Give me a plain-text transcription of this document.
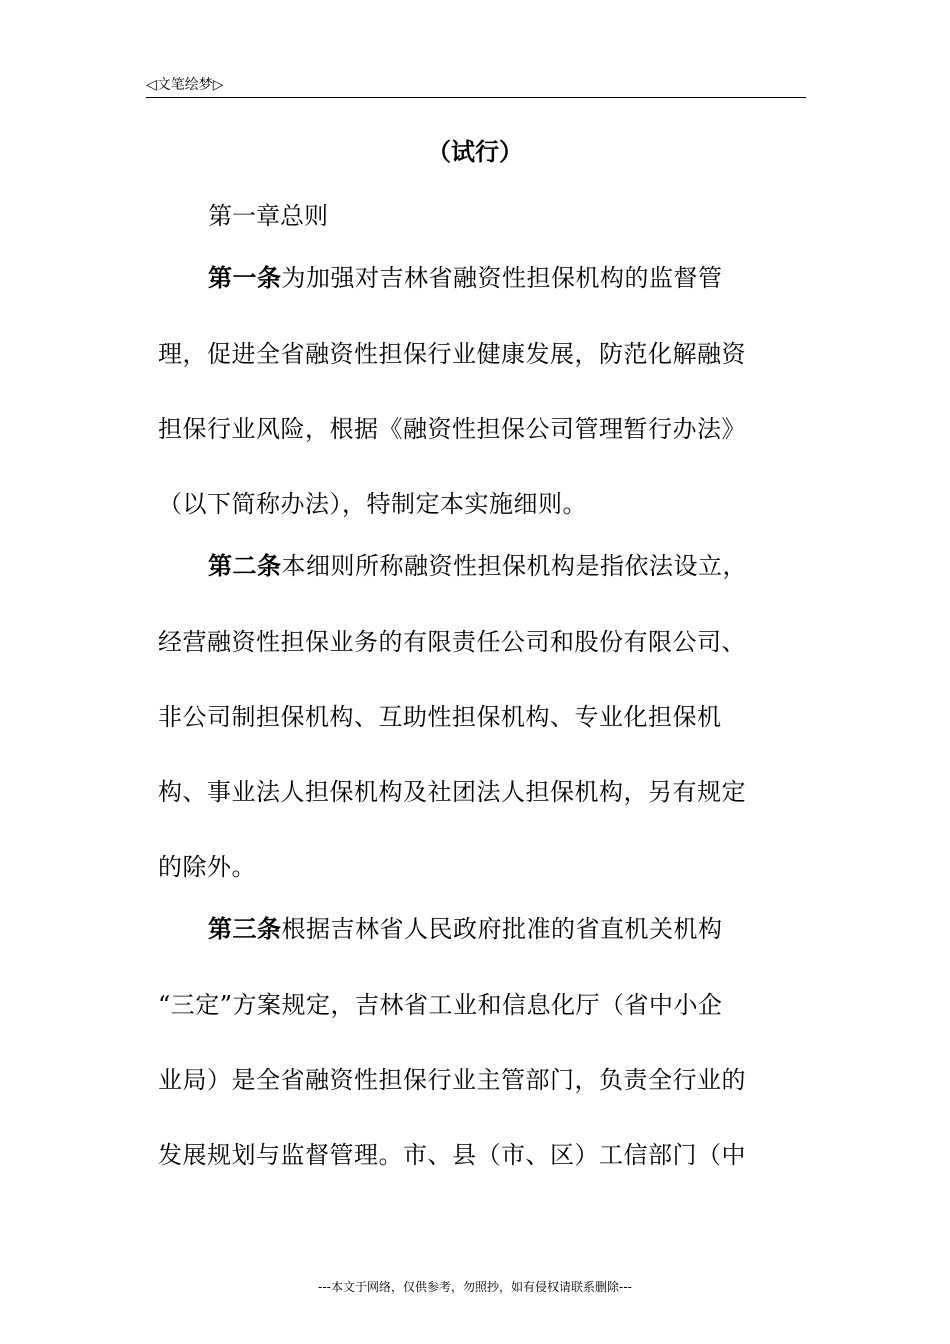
◁文笔绘梦▷
（试行）
第一章总则
第一条为加强对吉林省融资性担保机构的监督管
理，促进全省融资性担保行业健康发展，防范化解融资
担保行业风险，根据《融资性担保公司管理暂行办法》
（以下简称办法），特制定本实施细则。
第二条本细则所称融资性担保机构是指依法设立，
经营融资性担保业务的有限责任公司和股份有限公司、
非公司制担保机构、互助性担保机构、专业化担保机
构、事业法人担保机构及社团法人担保机构，另有规定
的除外。
第三条根据吉林省人民政府批准的省直机关机构
“三定”方案规定，吉林省工业和信息化厅（省中小企
业局）是全省融资性担保行业主管部门，负责全行业的
发展规划与监督管理。市、县（市、区）工信部门（中
---本文于网络，仅供参考，勿照抄，如有侵权请联系删除---
